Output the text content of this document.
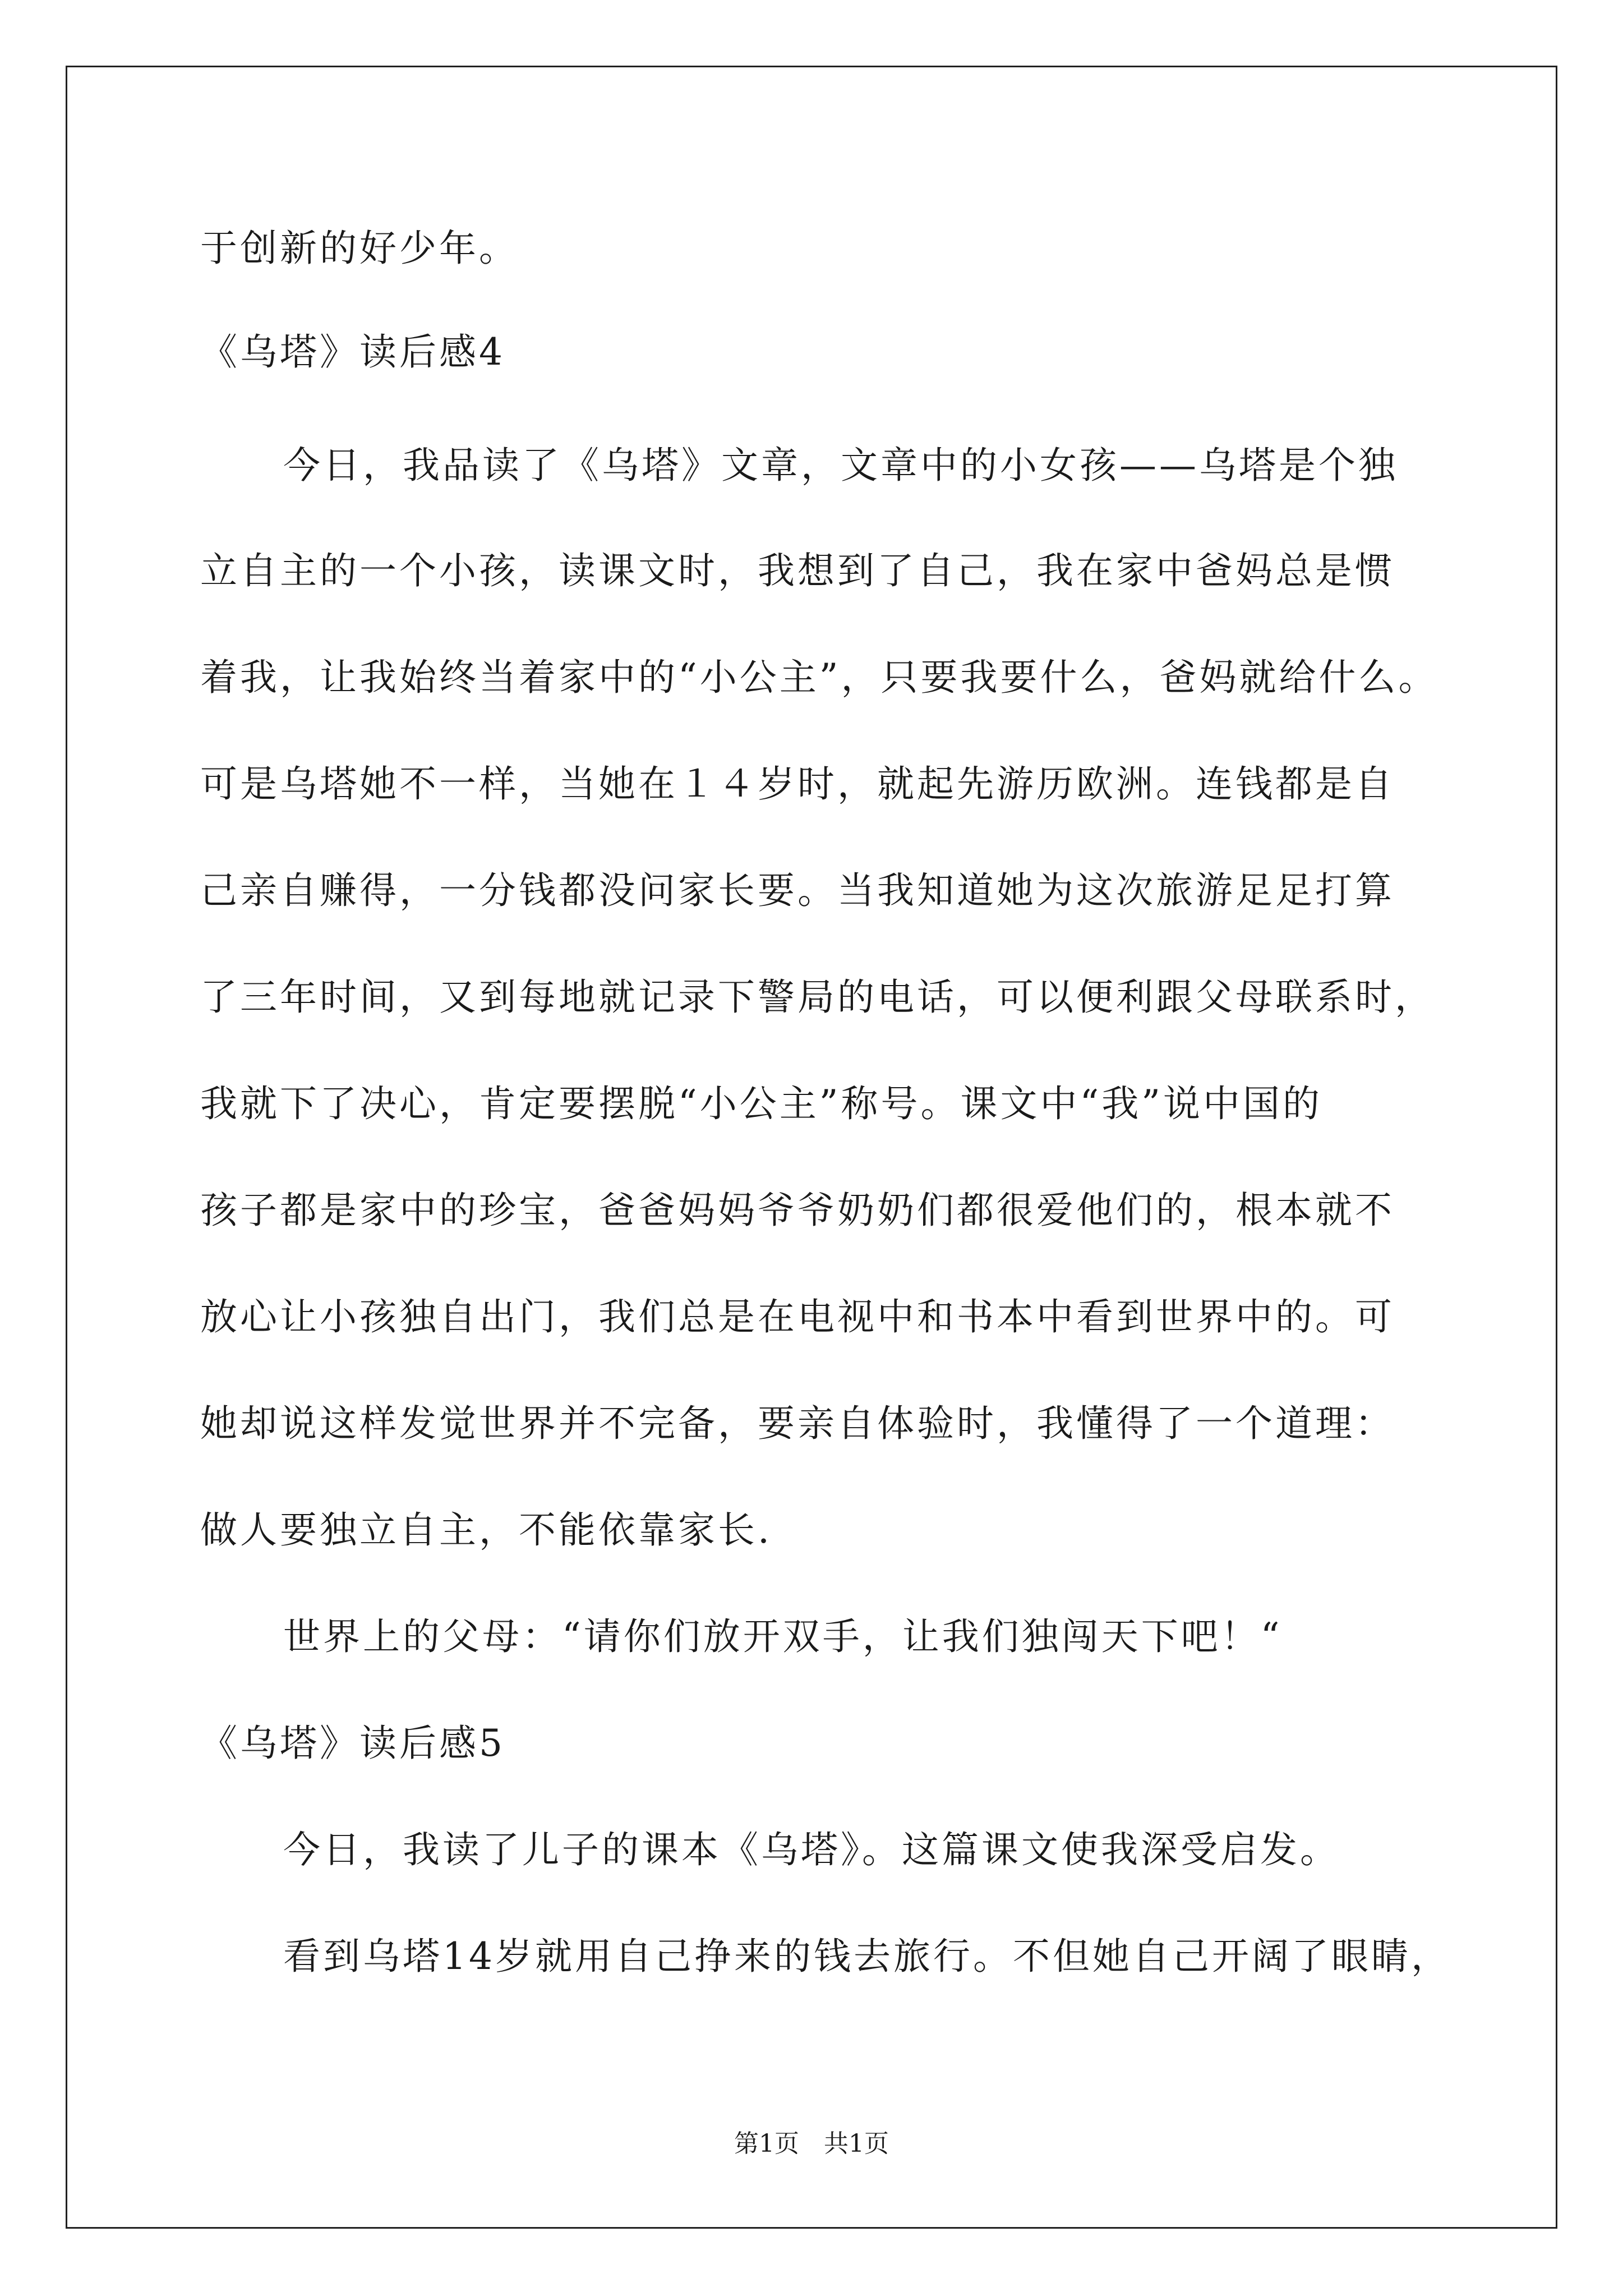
于创新的好少年。
《乌塔》读后感4
今日，我品读了《乌塔》文章，文章中的小女孩——乌塔是个独
立自主的一个小孩，读课文时，我想到了自己，我在家中爸妈总是惯
着我，让我始终当着家中的“小公主”，只要我要什么，爸妈就给什么。
可是乌塔她不一样，当她在１４岁时，就起先游历欧洲。连钱都是自
己亲自赚得，一分钱都没问家长要。当我知道她为这次旅游足足打算
了三年时间，又到每地就记录下警局的电话，可以便利跟父母联系时，
我就下了决心，肯定要摆脱“小公主”称号。课文中“我”说中国的
孩子都是家中的珍宝，爸爸妈妈爷爷奶奶们都很爱他们的，根本就不
放心让小孩独自出门，我们总是在电视中和书本中看到世界中的。可
她却说这样发觉世界并不完备，要亲自体验时，我懂得了一个道理：
做人要独立自主，不能依靠家长.
世界上的父母：“请你们放开双手，让我们独闯天下吧！“
《乌塔》读后感5
今日，我读了儿子的课本《乌塔》。这篇课文使我深受启发。
看到乌塔14岁就用自己挣来的钱去旅行。不但她自己开阔了眼睛，
第1页　共1页
